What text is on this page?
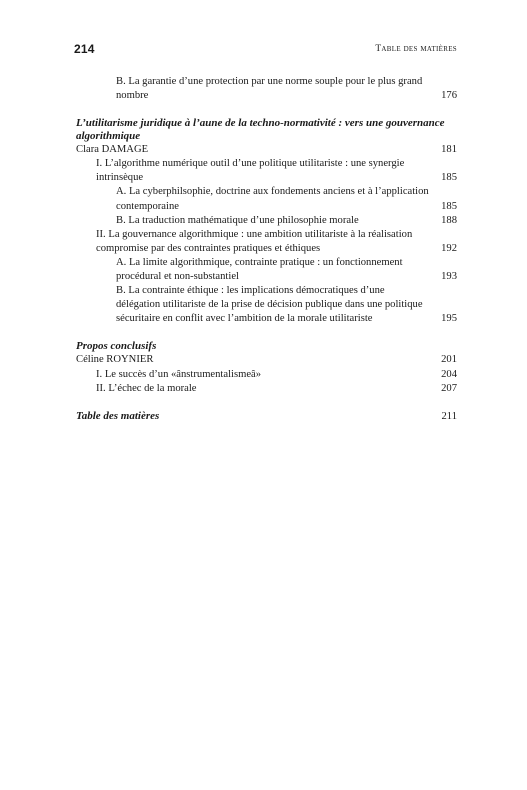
214	Table des matières
B. La garantie d’une protection par une norme souple pour le plus grand nombre	176
L’utilitarisme juridique à l’aune de la techno-normativité : vers une gouvernance algorithmique
Clara DAMAGE	181
I. L’algorithme numérique outil d’une politique utilitariste : une synergie intrinsèque	185
A. La cyberphilsophie, doctrine aux fondements anciens et à l’application contemporaine	185
B. La traduction mathématique d’une philosophie morale	188
II. La gouvernance algorithmique : une ambition utilitariste à la réalisation compromise par des contraintes pratiques et éthiques	192
A. La limite algorithmique, contrainte pratique : un fonctionnement procédural et non-substantiel	193
B. La contrainte éthique : les implications démocratiques d’une délégation utilitariste de la prise de décision publique dans une politique sécuritaire en conflit avec l’ambition de la morale utilitariste	195
Propos conclusifs
Céline ROYNIER	201
I. Le succès d’un «ânstrumentalismeâ»	204
II. L’échec de la morale	207
Table des matières	211
